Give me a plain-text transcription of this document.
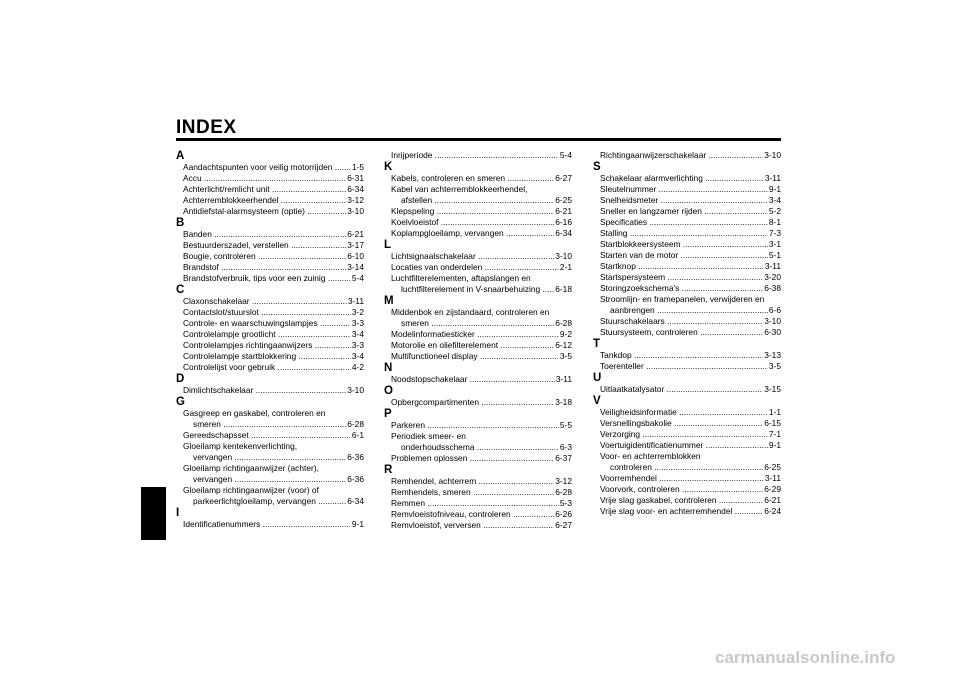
INDEX
A
Aandachtspunten voor veilig motorrijden ..... 1-5
Accu .....	6-31
Achterlicht/remlicht unit .....	6-34
Achterremblokkeerhendel .....	3-12
Antidiefstal-alarmsysteem (optie) .....	3-10
B
Banden .....	6-21
Bestuurderszadel, verstellen .....	3-17
Bougie, controleren .....	6-10
Brandstof .....	3-14
Brandstofverbruik, tips voor een zuinig .....	5-4
C
Claxonschakelaar .....	3-11
Contactslot/stuurslot .....	3-2
Controle- en waarschuwingslampjes .....	3-3
Controlelampje grootlicht .....	3-4
Controlelampjes richtingaanwijzers .....	3-3
Controlelampje startblokkering .....	3-4
Controlelijst voor gebruik .....	4-2
D
Dimlichtschakelaar .....	3-10
G
Gasgreep en gaskabel, controleren en
smeren .....	6-28
Gereedschapsset .....	6-1
Gloeilamp kentekenverlichting,
vervangen .....	6-36
Gloeilamp richtingaanwijzer (achter),
vervangen .....	6-36
Gloeilamp richtingaanwijzer (voor) of
parkeerlichtgloeilamp, vervangen .....	6-34
I
Identificatienummers .....	9-1
Inrijperiode .....	5-4
K
Kabels, controleren en smeren .....	6-27
Kabel van achterremblokkeerhendel,
afstellen .....	6-25
Klepspeling .....	6-21
Koelvloeistof .....	6-16
Koplampgloeilamp, vervangen .....	6-34
L
Lichtsignaalschakelaar .....	3-10
Locaties van onderdelen .....	2-1
Luchtfilterelementen, aftapslangen en
luchtfilterelement in V-snaarbehuizing .....	6-18
M
Middenbok en zijstandaard, controleren en
smeren .....	6-28
Modelinformatiesticker .....	9-2
Motorolie en oliefilterelement .....	6-12
Multifunctioneel display .....	3-5
N
Noodstopschakelaar .....	3-11
O
Opbergcompartimenten .....	3-18
P
Parkeren .....	5-5
Periodiek smeer- en
onderhoudsschema .....	6-3
Problemen oplossen .....	6-37
R
Remhendel, achterrem .....	3-12
Remhendels, smeren .....	6-28
Remmen .....	5-3
Remvloeistofniveau, controleren .....	6-26
Remvloeistof, verversen .....	6-27
Richtingaanwijzerschakelaar .....	3-10
S
Schakelaar alarmverlichting .....	3-11
Sleutelnummer .....	9-1
Snelheidsmeter .....	3-4
Sneller en langzamer rijden .....	5-2
Specificaties .....	8-1
Stalling .....	7-3
Startblokkeersysteem .....	3-1
Starten van de motor .....	5-1
Startknop .....	3-11
Startspersysteem .....	3-20
Storingzoekschema's .....	6-38
Stroomlijn- en framepanelen, verwijderen en
aanbrengen .....	6-6
Stuurschakelaars .....	3-10
Stuursysteem, controleren .....	6-30
T
Tankdop .....	3-13
Toerenteller .....	3-5
U
Uitlaatkatalysator .....	3-15
V
Veiligheidsinformatie .....	1-1
Versnellingsbakolie .....	6-15
Verzorging .....	7-1
Voertuigidentificatienummer .....	9-1
Voor- en achterremblokken
controleren .....	6-25
Voorremhendel .....	3-11
Voorvork, controleren .....	6-29
Vrije slag gaskabel, controleren .....	6-21
Vrije slag voor- en achterremhendel .....	6-24
carmanualsonline.info
